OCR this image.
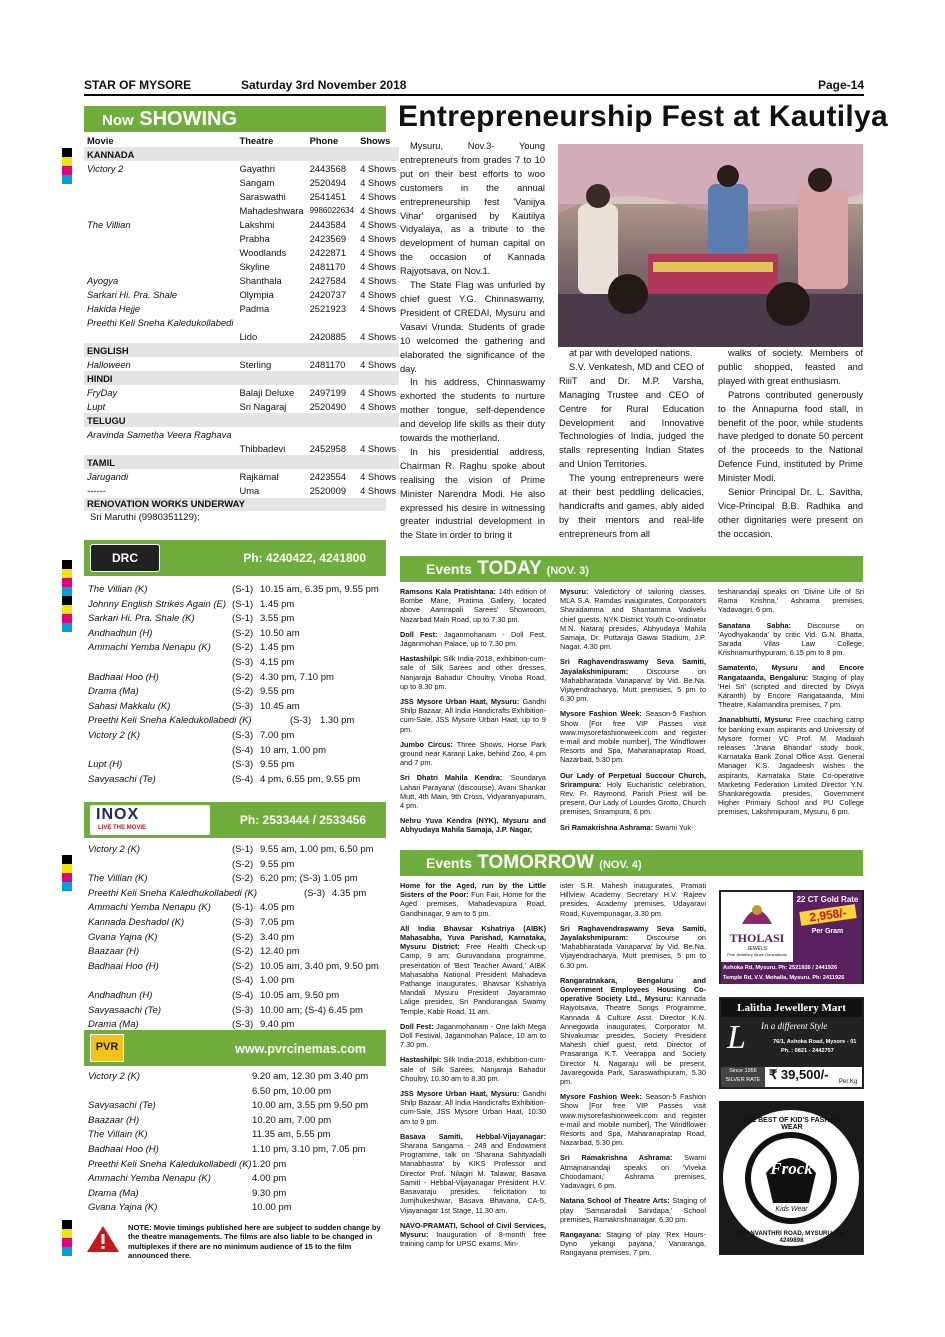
STAR OF MYSORE	Saturday 3rd November 2018	Page-14
Now SHOWING
Movie	Theatre	Phone	Shows
KANNADA			
Victory 2	Gayathri	2443568	4 Shows
	Sangam	2520494	4 Shows
	Saraswathi	2541451	4 Shows
	Mahadeshwara	9986022634	4 Shows
The Villian	Lakshmi	2443584	4 Shows
	Prabha	2423569	4 Shows
	Woodlands	2422871	4 Shows
	Skyline	2481170	4 Shows
Ayogya	Shanthala	2427584	4 Shows
Sarkari Hi. Pra. Shale	Olympia	2420737	4 Shows
Hakida Hejje	Padma	2521923	4 Shows
Preethi Keli Sneha Kaledukollabedi			
	Lido	2420885	4 Shows
ENGLISH			
Halloween	Sterling	2481170	4 Shows
HINDI			
FryDay	Balaji Deluxe	2497199	4 Shows
Lupt	Sri Nagaraj	2520490	4 Shows
TELUGU			
Aravinda Sametha Veera Raghava			
	Thibbadevi	2452958	4 Shows
TAMIL			
Jarugandi	Rajkamal	2423554	4 Shows
------	Uma	2520009	4 Shows
RENOVATION WORKS UNDERWAY
Sri Maruthi (9980351129);
DRC	Ph: 4240422, 4241800
The Villian (K)	(S-1) 10.15 am, 6.35 pm, 9.55 pm
Johnny English Strikes Again (E) (S-1) 1.45 pm
Sarkari Hi. Pra. Shale (K)	(S-1) 3.55 pm
Andhadhun (H)	(S-2) 10.50 am
Ammachi Yemba Nenapu (K) (S-2) 1.45 pm
(S-3) 4.15 pm
Badhaai Hoo (H)	(S-2) 4.30 pm, 7.10 pm
Drama (Ma)	(S-2) 9.55 pm
Sahasi Makkalu (K)	(S-3) 10.45 am
Preethi Keli Sneha Kaledukollabedi (K)	(S-3) 1.30 pm
Victory 2 (K)	(S-3) 7.00 pm
(S-4) 10 am, 1.00 pm
Lupt (H)	(S-3) 9.55 pm
Savyasachi (Te)	(S-4) 4 pm, 6.55 pm, 9.55 pm
INOX
LIVE THE MOVIE
Ph: 2533444 / 2533456
Victory 2 (K)	(S-1) 9.55 am, 1.00 pm, 6.50 pm
(S-2) 9.55 pm
The Villian (K)	(S-2) 6.20 pm; (S-3) 1.05 pm
Preethi Keli Sneha Kaledhukollabedi (K)	(S-3) 4.35 pm
Ammachi Yemba Nenapu (K) (S-1) 4.05 pm
Kannada Deshadol (K)	(S-3) 7.05 pm
Gvana Yajna (K)	(S-2) 3.40 pm
Baazaar (H)	(S-2) 12.40 pm
Badhaai Hoo (H)	(S-2) 10.05 am, 3.40 pm, 9.50 pm
(S-4) 1.00 pm
Andhadhun (H)	(S-4) 10.05 am, 9.50 pm
Savyasaachi (Te)	(S-3) 10.00 am; (S-4) 6.45 pm
Drama (Ma)	(S-3) 9.40 pm
PVR	www.pvrcinemas.com
Victory 2 (K)	9.20 am, 12.30 pm 3.40 pm
6.50 pm, 10.00 pm
Savyasachi (Te)	10.00 am, 3.55 pm 9.50 pm
Baazaar (H)	10.20 am, 7.00 pm
The Villain (K)	11.35 am, 5.55 pm
Badhaai Hoo (H)	1.10 pm, 3.10 pm, 7.05 pm
Preethi Keli Sneha Kaledukollabedi (K) 1.20 pm
Ammachi Yemba Nenapu (K)	4.00 pm
Drama (Ma)	9.30 pm
Gvana Yajna (K)	10.00 pm
NOTE: Movie timings published here are subject to sudden change by the theatre managements. The films are also liable to be changed in multiplexes if there are no minimum audience of 15 to the film announced there.
Entrepreneurship Fest at Kautilya

Mysuru, Nov.3- Young entrepreneurs from grades 7 to 10 put on their best efforts to woo customers in the annual entrepreneurship fest 'Vanijya Vihar' organised by Kautilya Vidyalaya, as a tribute to the development of human capital on the occasion of Kannada Rajyotsava, on Nov.1.

The State Flag was unfurled by chief guest Y.G. Chinnaswamy, President of CREDAI, Mysuru and Vasavi Vrunda. Students of grade 10 welcomed the gathering and elaborated the significance of the day.

In his address, Chinnaswamy exhorted the students to nurture mother tongue, self-dependence and develop life skills as their duty towards the motherland.

In his presidential address, Chairman R. Raghu spoke about realising the vision of Prime Minister Narendra Modi. He also expressed his desire in witnessing greater industrial development in the State in order to bring it

at par with developed nations.

S.V. Venkatesh, MD and CEO of RiiiT and Dr. M.P. Varsha, Managing Trustee and CEO of Centre for Rural Education Development and Innovative Technologies of India, judged the stalls representing Indian States and Union Territories.

The young entrepreneurs were at their best peddling delicacies, handicrafts and games, ably aided by their mentors and real-life entrepreneurs from all

walks of society. Members of public shopped, feasted and played with great enthusiasm.

Patrons contributed generously to the Annapurna food stall, in benefit of the poor, while students have pledged to donate 50 percent of the proceeds to the National Defence Fund, instituted by Prime Minister Modi.

Senior Principal Dr. L. Savitha, Vice-Principal B.B. Radhika and other dignitaries were present on the occasion.

Events TODAY (NOV. 3)

Ramsons Kala Pratishtana: 14th edition of Bombe Mane, Pratima Gallery, located above Aamrapali Sarees' Showroom, Nazarbad Main Road, up to 7.30 pm.

Doll Fest: Jaganmohanam - Doll Fest, Jaganmohan Palace, up to 7.30 pm.

Hastashilpi: Silk India-2018, exhibition-cum-sale of Silk Sarees and other dresses, Nanjaraja Bahadur Choultry, Vinoba Road, up to 8.30 pm.

JSS Mysore Urban Haat, Mysuru: Gandhi Shilp Bazaar, All India Handicrafts Exhibition-cum-Sale, JSS Mysore Urban Haat, up to 9 pm.

Jumbo Circus: Three Shows, Horse Park ground near Karanji Lake, behind Zoo, 4 pm and 7 pm.

Sri Dhatri Mahila Kendra: 'Soundarya Lahari Parayana' (discourse), Avani Shankar Mutt, 4th Main, 9th Cross, Vidyaranyapuram, 4 pm.

Nehru Yuva Kendra (NYK), Mysuru and Abhyudaya Mahila Samaja, J.P. Nagar,

Mysuru: Valedictory of tailoring classes, MLA S.A. Ramdas inaugurates, Corporators Sharadamma and Shantamma Vadivelu chief guests, NYK District Youth Co-ordinator M.N. Nataraj presides, Abhyudaya Mahila Samaja, Dr. Puttaraja Gawai Stadium, J.P. Nagar, 4.30 pm.

Sri Raghavendraswamy Seva Samiti, Jayalakshmipuram: Discourse on 'Mahabharatada Vanaparva' by Vid. Be.Na. Vijayendracharya, Mutt premises, 5 pm to 6.30 pm.

Mysore Fashion Week: Season-5 Fashion Show [For free VIP Passes visit www.mysorefashionweek.com and register e-mail and mobile number], The Windflower Resorts and Spa, Maharanapratap Road, Nazarbad, 5.30 pm.

Our Lady of Perpetual Succour Church, Srirampura: Holy Eucharistic celebration, Rev. Fr. Raymond, Parish Priest will be present, Our Lady of Lourdes Grotto, Church premises, Srirampura, 6 pm.

Sri Ramakrishna Ashrama: Swami Yuk-

teshanandaji speaks on 'Divine Life of Sri Rama Krishna,' Ashrama premises, Yadavagiri, 6 pm.

Sanatana Sabha: Discourse on 'Ayodhyakanda' by critic Vid. G.N. Bhatta, Sarada Vilas Law College, Krishnamurthypuram, 6.15 pm to 8 pm.

Samatento, Mysuru and Encore Rangataanda, Bengaluru: Staging of play 'Hei Sri' (scripted and directed by Divya Karanth) by Encore Rangataanda, Mini Theatre, Kalamandira premises, 7 pm.

Jnanabhutti, Mysuru: Free coaching camp for banking exam aspirants and University of Mysore former VC Prof. M. Madaiah releases 'Jnana Bhandar' study book, Karnataka Bank Zonal Office Asst. General Manager K.S. Jagadeesh wishes the aspirants, Karnataka State Co-operative Marketing Federation Limited Director Y.N. Shankaregowda presides, Government Higher Primary School and PU College premises, Lakshmipuram, Mysuru, 6 pm.

Events TOMORROW (NOV. 4)

Home for the Aged, run by the Little Sisters of the Poor: Fun Fair, Home for the Aged premises, Mahadevapura Road, Gandhinagar, 9 am to 5 pm.

All India Bhavsar Kshatriya (AIBK) Mahasabha, Yuva Parishad, Karnataka, Mysuru District: Free Health Check-up Camp, 9 am; Guruvandana programme, presentation of 'Best Teacher Award,' AIBK Mahasabha National President Mahadeva Pathange inaugurates, Bhavsar Kshatriya Mandali Mysuru President Jayaramrao Lalige presides, Sri Pandurangaa Swamy Temple, Kabir Road, 11 am.

Doll Fest: Jaganmohanam - One lakh Mega Doll Festival, Jaganmohan Palace, 10 am to 7.30 pm.

Hastashilpi: Silk India-2018, exhibition-cum-sale of Silk Sarees, Nanjaraja Bahadur Choultry, 10.30 am to 8.30 pm.

JSS Mysore Urban Haat, Mysuru: Gandhi Shilp Bazaar, All India Handicrafts Exhibition-cum-Sale, JSS Mysore Urban Haat, 10.30 am to 9 pm.

Basava Samiti, Hebbal-Vijayanagar: Sharana Sangama - 249 and Endowment Programme, talk on 'Sharana Sahityadalli Manabhastra' by KIKS Professor and Director Prof. Nilagiri M. Talawar, Basava Samiti - Hebbal-Vijayanagar President H.V. Basavaraju presides, felicitation to Jumjhukeshwar, Basava Bhavana, CA-5, Vijayanagar 1st Stage, 11.30 am.

NAVO-PRAMATI, School of Civil Services, Mysuru: Inauguration of 8-month free training camp for UPSC exams, Min-

ister S.R. Mahesh inaugurates, Pramati Hillview Academy Secretary H.V. Rajeev presides, Academy premises, Udayaravi Road, Kuvempunagar, 3.30 pm.

Sri Raghavendraswamy Seva Samiti, Jayalakshmipuram: Discourse on 'Mahabharatada Vanaparva' by Vid. Be.Na. Vijayendracharya, Mutt premises, 5 pm to 6.30 pm.

Rangaratnakara, Bengaluru and Government Employees Housing Co-operative Society Ltd., Mysuru: Kannada Rajyotsava, Theatre Songs Programme, Kannada & Culture Asst. Director K.N. Annegowda inaugurates, Corporator M. Shivakumar presides, Society President Mahesh chief guest, retd. Director of Prasaranga K.T. Veerappa and Society Director N. Nagaraju will be present, Javaregowda Park, Saraswathipuram, 5.30 pm.

Mysore Fashion Week: Season-5 Fashion Show [For free VIP Passes visit www.mysorefashionweek.com and register e-mail and mobile number], The Windflower Resorts and Spa, Maharanapratap Road, Nazarbad, 5.30 pm.

Sri Ramakrishna Ashrama: Swami Atmajnanandaji speaks on 'Viveka Choodamani,' Ashrama premises, Yadavagiri, 6 pm.

Natana School of Theatre Arts: Staging of play 'Samsaradali Sanidapa,' School premises, Ramakrishnanagar, 6.30 pm.

Rangayana: Staging of play 'Rex Hours-Dyno yekangi payana,' Vanaranga, Rangayana premises, 7 pm.

THOLASI
JEWELS
Fine Jewellery Since Generations
22 CT Gold Rate
2,958/-
Per Gram
Ashoka Rd, Mysuru. Ph: 2521926 / 2441926
Temple Rd, V.V. Mohalla, Mysuru. Ph: 2411926
Lalitha Jewellery Mart
L In a different Style
76/1, Ashoka Road, Mysore - 01
Ph. : 0821 - 2442757
Since 1956
SILVER RATE ₹ 39,500/- Per Kg
THE BEST OF KID'S FASHION WEAR
Frock
Kids Wear
DHANVANTHRI ROAD, MYSURU. PH: 4249898
